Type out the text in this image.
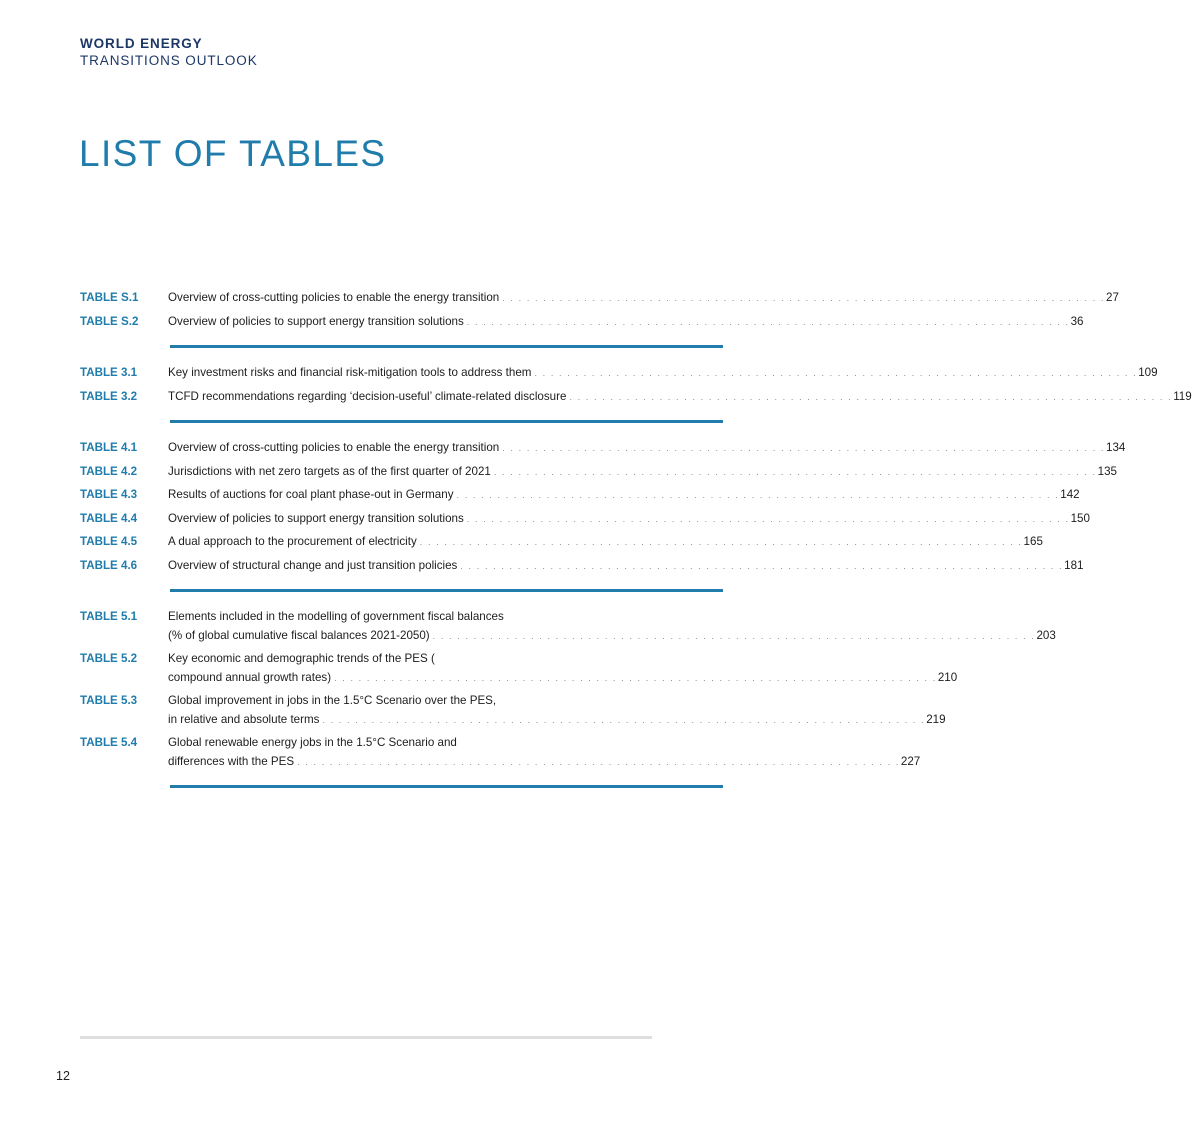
WORLD ENERGY
TRANSITIONS OUTLOOK
LIST OF TABLES
TABLE S.1	Overview of cross-cutting policies to enable the energy transition . . . . . . . . . . . . . . . . . . . . . . . . . . . . . . . . . . . . . . . . . . . . . . . . . . . . . . . . . . . . . . . . . . . . . . . . . . 27
TABLE S.2	Overview of policies to support energy transition solutions . . . . . . . . . . . . . . . . . . . . . . . . . . . . . . . . . . . . . . . . . . . . . . . . . . . . . . . . . . . . . . . . . . . . . . . . . . 36
TABLE 3.1	Key investment risks and financial risk-mitigation tools to address them . . . . . . . . . . . . . . . . . . . . . . . . . . . . . . . . . . . . . . . . . . . . . . . . . . . . . . . . . . . . . . . . . . . . . . . . . . 109
TABLE 3.2	TCFD recommendations regarding ‘decision-useful’ climate-related disclosure . . . . . . . . . . . . . . . . . . . . . . . . . . . . . . . . . . . . . . . . . . . . . . . . . . . . . . . . . . . . . . . . . . . . . . . . . . 119
TABLE 4.1	Overview of cross-cutting policies to enable the energy transition . . . . . . . . . . . . . . . . . . . . . . . . . . . . . . . . . . . . . . . . . . . . . . . . . . . . . . . . . . . . . . . . . . . . . . . . . . 134
TABLE 4.2	Jurisdictions with net zero targets as of the first quarter of 2021 . . . . . . . . . . . . . . . . . . . . . . . . . . . . . . . . . . . . . . . . . . . . . . . . . . . . . . . . . . . . . . . . . . . . . . . . . . 135
TABLE 4.3	Results of auctions for coal plant phase-out in Germany . . . . . . . . . . . . . . . . . . . . . . . . . . . . . . . . . . . . . . . . . . . . . . . . . . . . . . . . . . . . . . . . . . . . . . . . . . 142
TABLE 4.4	Overview of policies to support energy transition solutions . . . . . . . . . . . . . . . . . . . . . . . . . . . . . . . . . . . . . . . . . . . . . . . . . . . . . . . . . . . . . . . . . . . . . . . . . . 150
TABLE 4.5	A dual approach to the procurement of electricity . . . . . . . . . . . . . . . . . . . . . . . . . . . . . . . . . . . . . . . . . . . . . . . . . . . . . . . . . . . . . . . . . . . . . . . . . . 165
TABLE 4.6	Overview of structural change and just transition policies . . . . . . . . . . . . . . . . . . . . . . . . . . . . . . . . . . . . . . . . . . . . . . . . . . . . . . . . . . . . . . . . . . . . . . . . . . 181
TABLE 5.1	Elements included in the modelling of government fiscal balances
(% of global cumulative fiscal balances 2021-2050) . . . . . . . . . . . . . . . . . . . . . . . . . . . . . . . . . . . . . . . . . . . . . . . . . . . . . . . . . . . . . . . . . . . . . . . . . . 203
TABLE 5.2	Key economic and demographic trends of the PES (
compound annual growth rates) . . . . . . . . . . . . . . . . . . . . . . . . . . . . . . . . . . . . . . . . . . . . . . . . . . . . . . . . . . . . . . . . . . . . . . . . . . 210
TABLE 5.3	Global improvement in jobs in the 1.5°C Scenario over the PES,
in relative and absolute terms . . . . . . . . . . . . . . . . . . . . . . . . . . . . . . . . . . . . . . . . . . . . . . . . . . . . . . . . . . . . . . . . . . . . . . . . . . 219
TABLE 5.4	Global renewable energy jobs in the 1.5°C Scenario and
differences with the PES . . . . . . . . . . . . . . . . . . . . . . . . . . . . . . . . . . . . . . . . . . . . . . . . . . . . . . . . . . . . . . . . . . . . . . . . . . 227
12
